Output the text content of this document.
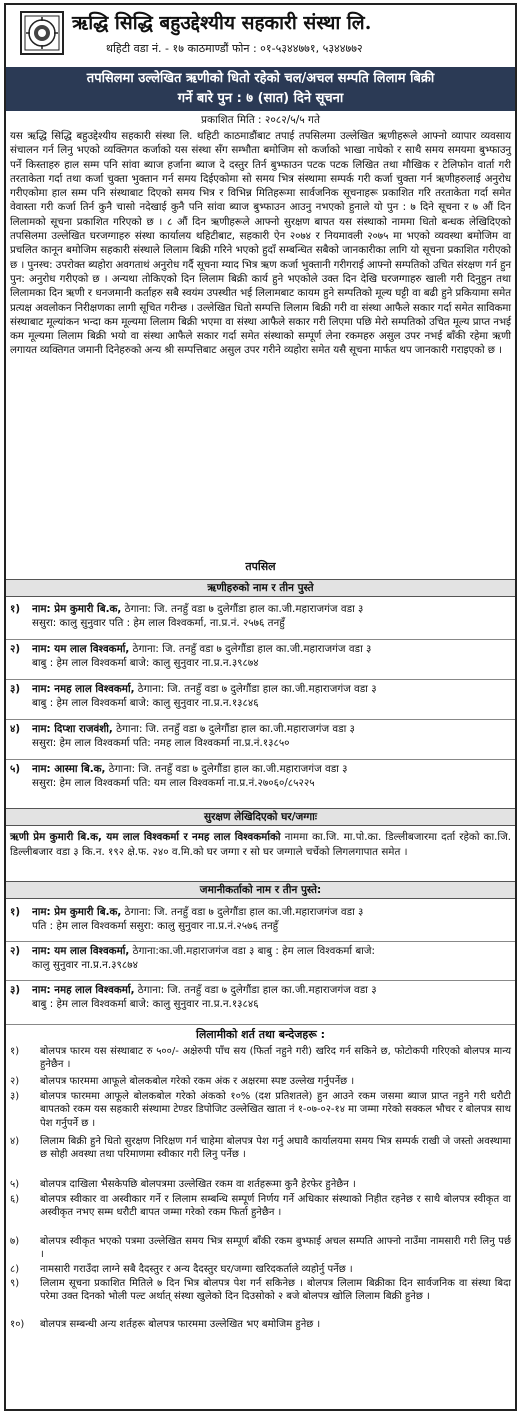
ऋद्धि सिद्धि बहुउद्देश्यीय सहकारी संस्था लि.
थहिटी वडा नं. - १७ काठमाण्डौं फोन : ०१-५३४४७७१, ५३४४७७२
तपसिलमा उल्लेखित ऋणीको धितो रहेको चल/अचल सम्पति लिलाम बिक्री
गर्ने बारे पुन : ७ (सात) दिने सूचना
प्रकाशित मिति : २०८२/५/५ गते
यस ऋद्धि सिद्धि बहुउद्देश्यीय सहकारी संस्था लि. थहिटी काठमाडौंबाट तपाई तपसिलमा उल्लेखित ऋणीहरूले आफ्नो व्यापार व्यवसाय संचालन गर्न लिनु भएको व्यक्तिगत कर्जाको यस संस्था सँग सम्भौता बमोजिम सो कर्जाको भाखा नाघेको र साथै समय समयमा बुभ्फाउनु पर्ने किस्ताहरु हाल सम्म पनि सांवा ब्याज हर्जाना ब्याज दे दस्तुर तिर्न बुभ्फाउन पटक पटक लिखित तथा मौखिक र टेलिफोन वार्ता गरी तरताकेता गर्दा तथा कर्जा चुक्ता भुक्तान गर्न समय दिईएकोमा सो समय भित्र संस्थामा सम्पर्क गरी कर्जा चुक्ता गर्न ऋणीहरुलाई अनुरोध गरीएकोमा हाल सम्म पनि संस्थाबाट दिएको समय भित्र र विभिन्न मितिहरूमा सार्वजनिक सूचनाहरू प्रकाशित गरि तरताकेता गर्दा समेत वेवास्ता गरी कर्जा तिर्न कुनै चासो नदेखाई कुनै पनि सांवा ब्याज बुभ्फाउन आउनु नभएको हुनाले यो पुन : ७ दिने सूचना र ७ औं दिन लिलामको सूचना प्रकाशित गरिएको छ । ८ औं दिन ऋणीहरूले आफ्नो सुरक्षण बापत यस संस्थाको नाममा धितो बन्धक लेखिदिएको तपसिलमा उल्लेखित घरजग्गाहरु संस्था कार्यालय थहिटीबाट, सहकारी ऐन २०७४ र नियमावली २०७५ मा भएको व्यवस्था बमोजिम वा प्रचलित कानून बमोजिम सहकारी संस्थाले लिलाम बिक्री गरिने भएको हुदाँ सम्बन्धित सबैको जानकारीका लागि यो सूचना प्रकाशित गरीएको छ । पुनस्च: उपरोक्त ब्यहोरा अवगताथं अनुरोध गर्दै सूचना म्याद भित्र ऋण कर्जा भुक्तानी गरीगराई आफ्नो सम्पतिको उचित संरक्षण गर्न हुन पुन: अनुरोध गरीएको छ । अन्यथा तोकिएको दिन लिलाम बिक्री कार्य हुने भएकोले उक्त दिन देखि घरजग्गाहरु खाली गरी दिनुहुन तथा लिलामका दिन ऋणी र धनजमानी कर्ताहरु सबै स्वयंम उपस्थीत भई लिलामबाट कायम हुने सम्पतिको मूल्य घट्टी वा बढी हुने प्रकियामा समेत प्रत्यक्ष अवलोकन निरीक्षणका लागी सूचित गरीन्छ । उल्लेखित धितो सम्पत्ति लिलाम बिक्री गरी वा संस्था आफैले सकार गर्दा समेत साविकमा संस्थाबाट मूल्यांकन भन्दा कम मूल्यमा लिलाम बिक्री भएमा वा संस्था आफैले सकार गरी लिएमा पछि मेरो सम्पतिको उचित मूल्य प्राप्त नभई कम मूल्यमा लिलाम बिक्री भयो वा संस्था आफैले सकार गर्दा समेत संस्थाको सम्पूर्ण लेना रकमहरु असुल उपर नभई बाँकी रहेमा ऋणी लगायत व्यक्तिगत जमानी दिनेहरुको अन्य श्री सम्पत्तिबाट असुल उपर गरीने व्यहोरा समेत यसै सूचना मार्फत थप जानकारी गराइएको छ ।
तपसिल
ऋणीहरुको नाम र तीन पुस्ते
१) नाम: प्रेम कुमारी बि.क, ठेगाना: जि. तनहुँ वडा ७ दुलेगौंडा हाल का.जी.महाराजगंज वडा ३
ससुरा: कालु सुनुवार पति : हेम लाल विश्वकर्मा, ना.प्र.नं. २५७६ तनहुँ
२) नाम: यम लाल विश्वकर्मा, ठेगाना: जि. तनहुँ वडा ७ दुलेगौंडा हाल का.जी.महाराजगंज वडा ३
बाबु : हेम लाल विश्वकर्मा बाजे: कालु सुनुवार ना.प्र.न.३९८७४
३) नाम: नमह लाल विश्वकर्मा, ठेगाना: जि. तनहुँ वडा ७ दुलेगौंडा हाल का.जी.महाराजगंज वडा ३
बाबु : हेम लाल विश्वकर्मा बाजे: कालु सुनुवार ना.प्र.न.१३८४६
४) नाम: दिप्शा राजवंशी, ठेगाना: जि. तनहुँ वडा ७ दुलेगौंडा हाल का.जी.महाराजगंज वडा ३
ससुरा: हेम लाल विश्वकर्मा पति: नमह लाल विश्वकर्मा ना.प्र.नं.१३८५०
५) नाम: आस्मा बि.क, ठेगाना: जि. तनहुँ वडा ७ दुलेगौंडा हाल का.जी.महाराजगंज वडा ३
ससुरा: हेम लाल विश्वकर्मा पति: यम लाल विश्वकर्मा ना.प्र.नं.२७०६०/८५२२५
सुरक्षण लेखिदिएको घर/जग्गाः
ऋणी प्रेम कुमारी बि.क, यम लाल विश्वकर्मा र नमह लाल विश्वकर्माको नाममा का.जि. मा.पो.का. डिल्लीबजारमा दर्ता रहेको का.जि. डिल्लीबजार वडा ३ कि.न. १९२ क्षे.फ. २४० व.मि.को घर जग्गा र सो घर जग्गाले चर्चेको लिगलगापात समेत ।
जमानीकर्ताको नाम र तीन पुस्ते:
१) नाम: प्रेम कुमारी बि.क, ठेगाना: जि. तनहुँ वडा ७ दुलेगौंडा हाल का.जी.महाराजगंज वडा ३
पति : हेम लाल विश्वकर्मा ससुरा: कालु सुनुवार ना.प्र.नं.२५७६ तनहुँ
२) नाम: यम लाल विश्वकर्मा, ठेगाना:का.जी.महाराजगंज वडा ३ बाबु : हेम लाल विश्वकर्मा बाजे:
कालु सुनुवार ना.प्र.न.३९८७४
३) नाम: नमह लाल विश्वकर्मा, ठेगाना: जि. तनहुँ वडा ७ दुलेगौंडा हाल का.जी.महाराजगंज वडा ३
बाबु : हेम लाल विश्वकर्मा बाजे: कालु सुनुवार ना.प्र.न.१३८४६
लिलामीको शर्त तथा बन्देजहरू :
१) बोलपत्र फारम यस संस्थाबाट रु ५००/- अक्षेरुपी पाँच सय (फिर्ता नहुने गरी) खरिद गर्न सकिने छ, फोटोकपी गरिएको बोलपत्र मान्य हुनेछैन ।
२) बोलपत्र फारममा आफूले बोलकबोल गरेको रकम अंक र अक्षरमा स्पष्ट उल्लेख गर्नुपर्नेछ ।
३) बोलपत्र फारममा आफूले बोलकबोल गरेको अंकको १०% (दश प्रतिशतले) हुन आउने रकम जसमा ब्याज प्राप्त नहुने गरी धरौटी बापतको रकम यस सहकारी संस्थामा टेण्डर डिपोजिट उल्लेखित खाता नं १-०७-०२-१४ मा जम्मा गरेको सक्कल भौचर र बोलपत्र साथ पेश गर्नुपर्ने छ ।
४) लिलाम बिक्री हुने धितो सुरक्षण निरिक्षण गर्न चाहेमा बोलपत्र पेश गर्नु अघावै कार्यालयमा समय भित्र सम्पर्क राखी जे जस्तो अवस्थामा छ सोही अवस्था तथा परिमाणमा स्वीकार गरी लिनु पर्नेछ ।
५) बोलपत्र दाखिला भैसकेपछि बोलपत्रमा उल्लेखित रकम वा शर्तहरूमा कुनै हेरफेर हुनेछैन ।
६) बोलपत्र स्वीकार वा अस्वीकार गर्ने र लिलाम सम्बन्धि सम्पूर्ण निर्णय गर्ने अधिकार संस्थाको निहीत रहनेछ र साथै बोलपत्र स्वीकृत वा अस्वीकृत नभए सम्म धरौटी बापत जम्मा गरेको रकम फिर्ता हुनेछैन ।
७) बोलपत्र स्वीकृत भएको पत्रमा उल्लेखित समय भित्र सम्पूर्ण बाँकी रकम बुभ्फाई अचल सम्पति आफ्नो नाउँमा नामसारी गरी लिनु पर्छ ।
८) नामसारी गराउँदा लाग्ने सबै दैदस्तुर र अन्य दैदस्तुर घर/जग्गा खरिदकर्ताले व्यहोर्नु पर्नेछ ।
९) लिलाम सूचना प्रकाशित मितिले ७ दिन भित्र बोलपत्र पेश गर्न सकिनेछ । बोलपत्र लिलाम बिक्रीका दिन सार्वजनिक वा संस्था बिदा परेमा उक्त दिनको भोली पल्ट अर्थात् संस्था खुलेको दिन दिउसोको २ बजे बोलपत्र खोलि लिलाम बिक्री हुनेछ ।
१०) बोलपत्र सम्बन्धी अन्य शर्तहरू बोलपत्र फारममा उल्लेखित भए बमोजिम हुनेछ ।
